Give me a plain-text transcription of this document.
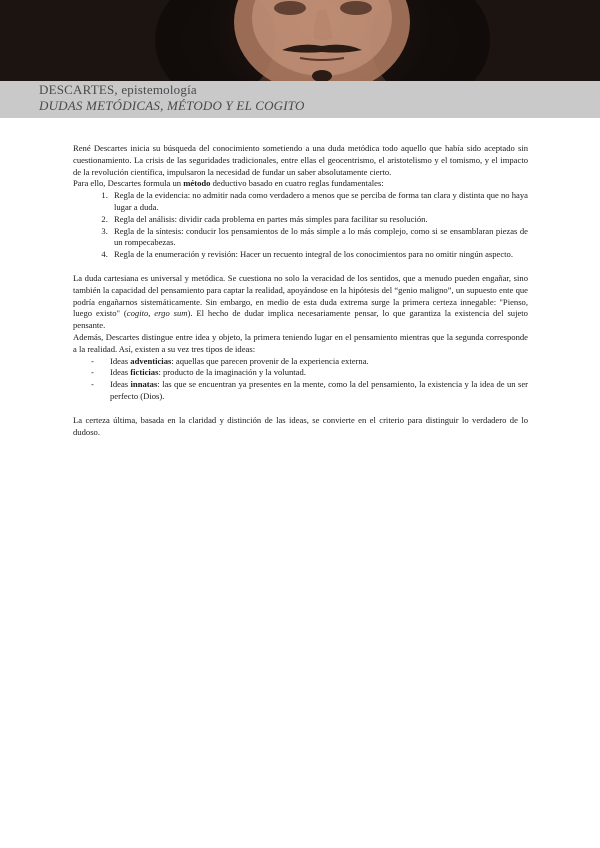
DESCARTES, epistemología
DUDAS METÓDICAS, MÉTODO Y EL COGITO

René Descartes inicia su búsqueda del conocimiento sometiendo a una duda metódica todo aquello que había sido aceptado sin cuestionamiento. La crisis de las seguridades tradicionales, entre ellas el geocentrismo, el aristotelismo y el tomismo, y el impacto de la revolución científica, impulsaron la necesidad de fundar un saber absolutamente cierto.

Para ello, Descartes formula un método deductivo basado en cuatro reglas fundamentales:

1. Regla de la evidencia: no admitir nada como verdadero a menos que se perciba de forma tan clara y distinta que no haya lugar a duda.
2. Regla del análisis: dividir cada problema en partes más simples para facilitar su resolución.
3. Regla de la síntesis: conducir los pensamientos de lo más simple a lo más complejo, como si se ensamblaran piezas de un rompecabezas.
4. Regla de la enumeración y revisión: Hacer un recuento integral de los conocimientos para no omitir ningún aspecto.

La duda cartesiana es universal y metódica. Se cuestiona no solo la veracidad de los sentidos, que a menudo pueden engañar, sino también la capacidad del pensamiento para captar la realidad, apoyándose en la hipótesis del “genio maligno”, un supuesto ente que podría engañarnos sistemáticamente. Sin embargo, en medio de esta duda extrema surge la primera certeza innegable: "Pienso, luego existo" (cogito, ergo sum). El hecho de dudar implica necesariamente pensar, lo que garantiza la existencia del sujeto pensante.

Además, Descartes distingue entre idea y objeto, la primera teniendo lugar en el pensamiento mientras que la segunda corresponde a la realidad. Así, existen a su vez tres tipos de ideas:

- Ideas adventicias: aquellas que parecen provenir de la experiencia externa.
- Ideas ficticias: producto de la imaginación y la voluntad.
- Ideas innatas: las que se encuentran ya presentes en la mente, como la del pensamiento, la existencia y la idea de un ser perfecto (Dios).

La certeza última, basada en la claridad y distinción de las ideas, se convierte en el criterio para distinguir lo verdadero de lo dudoso.
